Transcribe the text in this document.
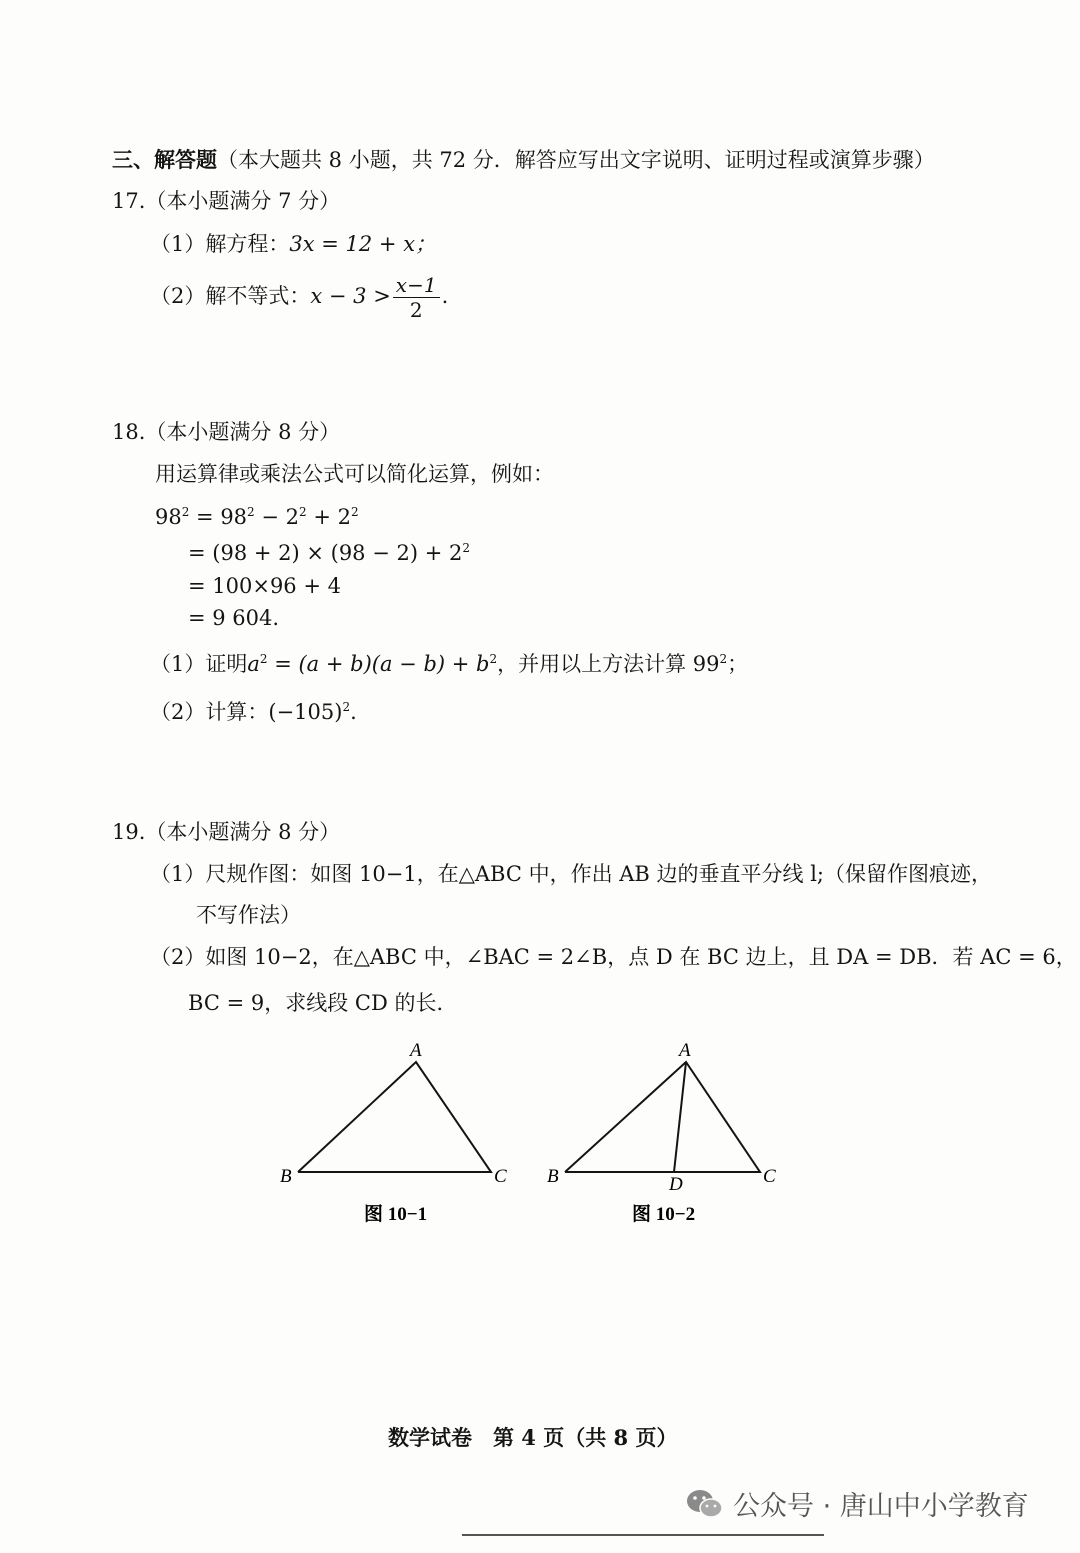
三、解答题（本大题共 8 小题，共 72 分．解答应写出文字说明、证明过程或演算步骤）
17.（本小题满分 7 分）
（1）解方程：3x = 12 + x；
（2）解不等式：$x - 3 > \frac{x-1}{2}$ .
18.（本小题满分 8 分）
用运算律或乘法公式可以简化运算，例如：
$98^2 = 98^2 - 2^2 + 2^2$
= $(98 + 2) \times (98 - 2) + 2^2$
= 100×96 + 4
= 9 604.
（1）证明$a^2 = (a + b)(a - b) + b^2$，并用以上方法计算 $99^2$；
（2）计算：$(-105)^2$.
19.（本小题满分 8 分）
（1）尺规作图：如图 10−1，在△ABC 中，作出 AB 边的垂直平分线 l;（保留作图痕迹，
不写作法）
（2）如图 10−2，在△ABC 中，∠BAC = 2∠B，点 D 在 BC 边上，且 DA = DB．若 AC = 6，
BC = 9，求线段 CD 的长．
A
B	C
图 10−1
A
B	C
D
图 10−2
数学试卷　第 4 页（共 8 页）
公众号 · 唐山中小学教育
